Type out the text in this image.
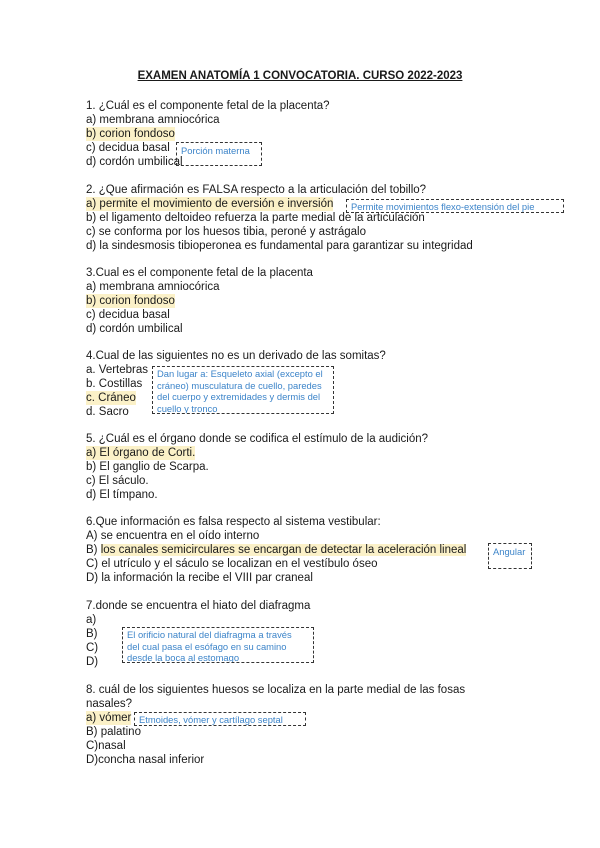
EXAMEN ANATOMÍA 1 CONVOCATORIA. CURSO 2022-2023
1. ¿Cuál es el componente fetal de la placenta?
a) membrana amniocórica
b) corion fondoso
c) decidua basal
d) cordón umbilical
Porción materna
2. ¿Que afirmación es FALSA respecto a la articulación del tobillo?
a) permite el movimiento de eversión e inversión
b) el ligamento deltoideo refuerza la parte medial de la articulación
c) se conforma por los huesos tibia, peroné y astrágalo
d) la sindesmosis tibioperonea es fundamental para garantizar su integridad
Permite movimientos flexo-extensión del pie
3.Cual es el componente fetal de la placenta
a) membrana amniocórica
b) corion fondoso
c) decidua basal
d) cordón umbilical
4.Cual de las siguientes no es un derivado de las somitas?
a. Vertebras
b. Costillas
c. Cráneo
d. Sacro
Dan lugar a: Esqueleto axial (excepto el
cráneo) musculatura de cuello, paredes
del cuerpo y extremidades y dermis del
cuello y tronco
5. ¿Cuál es el órgano donde se codifica el estímulo de la audición?
a) El órgano de Corti.
b) El ganglio de Scarpa.
c) El sáculo.
d) El tímpano.
6.Que información es falsa respecto al sistema vestibular:
A) se encuentra en el oído interno
B) los canales semicirculares se encargan de detectar la aceleración lineal
C) el utrículo y el sáculo se localizan en el vestíbulo óseo
D) la información la recibe el VIII par craneal
Angular
7.donde se encuentra el hiato del diafragma
a)
B)
C)
D)
El orificio natural del diafragma a través
del cual pasa el esófago en su camino
desde la boca al estomago
8. cuál de los siguientes huesos se localiza en la parte medial de las fosas
nasales?
a) vómer
B) palatino
C)nasal
D)concha nasal inferior
Etmoides, vómer y cartílago septal
